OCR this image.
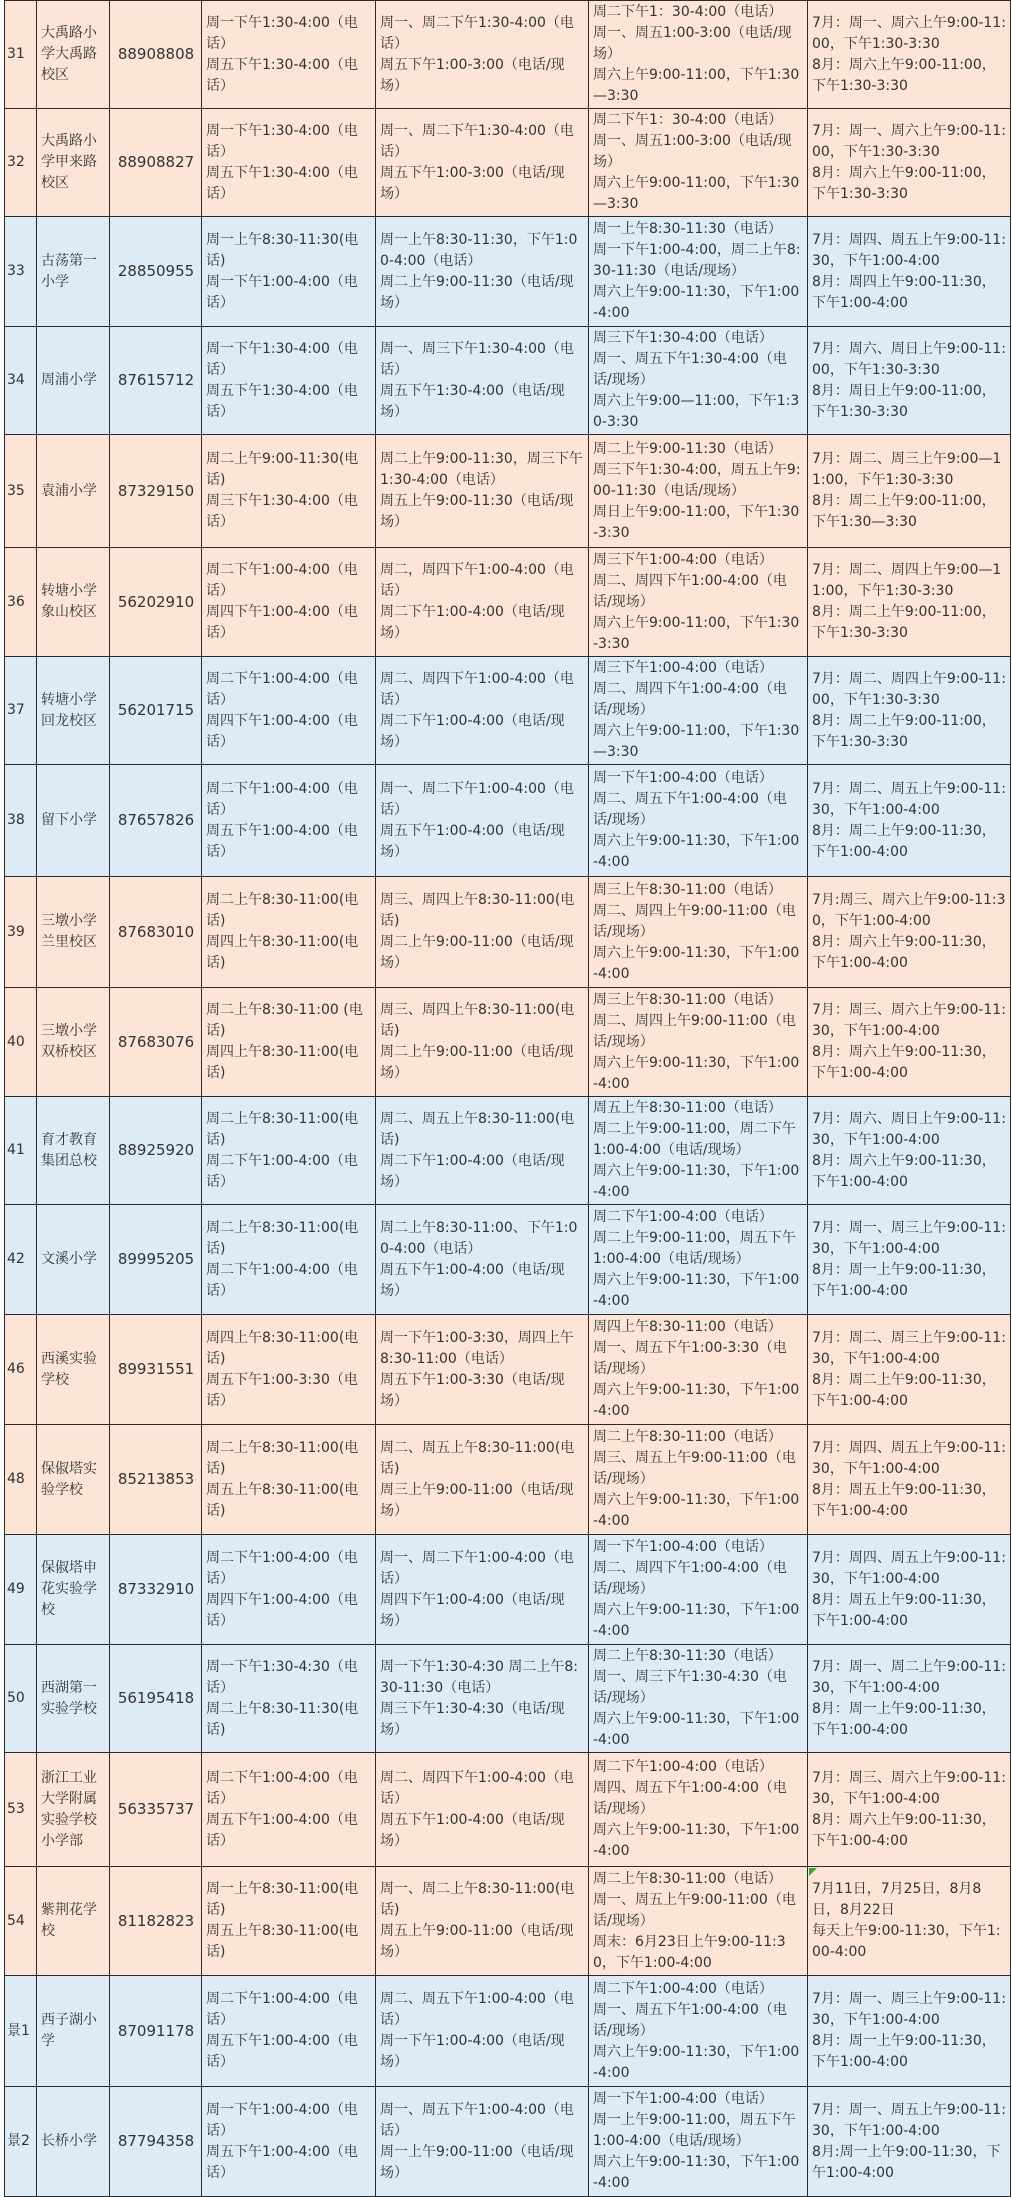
31	大禹路小学大禹路校区	88908808	
周一下午1:30-4:00（电话）
周五下午1:30-4:00（电话）

周一、周二下午1:30-4:00（电话）
周五下午1:00-3:00（电话/现场）

周二下午1：30-4:00（电话）
周一、周五1:00-3:00（电话/现场）
周六上午9:00-11:00，下午1:30—3:30

7月：周一、周六上午9:00-11:00，下午1:30-3:30
8月：周六上午9:00-11:00，下午1:30-3:30

32	大禹路小学甲来路校区	88908827	
周一下午1:30-4:00（电话）
周五下午1:30-4:00（电话）

周一、周二下午1:30-4:00（电话）
周五下午1:00-3:00（电话/现场）

周二下午1：30-4:00（电话）
周一、周五1:00-3:00（电话/现场）
周六上午9:00-11:00，下午1:30—3:30

7月：周一、周六上午9:00-11:00，下午1:30-3:30
8月：周六上午9:00-11:00，下午1:30-3:30

33	古荡第一小学	28850955	
周一上午8:30-11:30(电话)
周一下午1:00-4:00（电话）

周一上午8:30-11:30，下午1:00-4:00（电话）
周二上午9:00-11:30（电话/现场）

周一上午8:30-11:30（电话）
周一下午1:00-4:00，周二上午8:30-11:30（电话/现场）
周六上午9:00-11:30，下午1:00-4:00

7月：周四、周五上午9:00-11:30，下午1:00-4:00
8月：周四上午9:00-11:30，下午1:00-4:00

34	周浦小学	87615712	
周一下午1:30-4:00（电话）
周五下午1:30-4:00（电话）

周一、周三下午1:30-4:00（电话）
周五下午1:30-4:00（电话/现场）

周三下午1:30-4:00（电话）
周一、周五下午1:30-4:00（电话/现场）
周六上午9:00—11:00，下午1:30-3:30

7月：周六、周日上午9:00-11:00，下午1:30-3:30
8月：周日上午9:00-11:00，下午1:30-3:30

35	袁浦小学	87329150	
周二上午9:00-11:30(电话)
周三下午1:30-4:00（电话）

周二上午9:00-11:30，周三下午1:30-4:00（电话）
周五上午9:00-11:30（电话/现场）

周二上午9:00-11:30（电话）
周三下午1:30-4:00，周五上午9:00-11:30（电话/现场）
周日上午9:00-11:00，下午1:30-3:30

7月：周二、周三上午9:00—11:00，下午1:30-3:30
8月：周二上午9:00-11:00，下午1:30—3:30

36	转塘小学象山校区	56202910	
周二下午1:00-4:00（电话）
周四下午1:00-4:00（电话）

周二，周四下午1:00-4:00（电话）
周二下午1:00-4:00（电话/现场）

周三下午1:00-4:00（电话）
周二、周四下午1:00-4:00（电话/现场）
周六上午9:00-11:00，下午1:30-3:30

7月：周二、周四上午9:00—11:00，下午1:30-3:30
8月：周二上午9:00-11:00，下午1:30-3:30

37	转塘小学回龙校区	56201715	
周二下午1:00-4:00（电话）
周四下午1:00-4:00（电话）

周二、周四下午1:00-4:00（电话）
周二下午1:00-4:00（电话/现场）

周三下午1:00-4:00（电话）
周二、周四下午1:00-4:00（电话/现场）
周六上午9:00-11:00，下午1:30—3:30

7月：周二、周四上午9:00-11:00，下午1:30-3:30
8月：周二上午9:00-11:00，下午1:30-3:30

38	留下小学	87657826	
周二下午1:00-4:00（电话）
周五下午1:00-4:00（电话）

周一、周二下午1:00-4:00（电话）
周五下午1:00-4:00（电话/现场）

周一下午1:00-4:00（电话）
周二、周五下午1:00-4:00（电话/现场）
周六上午9:00-11:30，下午1:00-4:00

7月：周二、周五上午9:00-11:30，下午1:00-4:00
8月：周二上午9:00-11:30，下午1:00-4:00

39	三墩小学兰里校区	87683010	
周二上午8:30-11:00(电话)
周四上午8:30-11:00(电话)

周三、周四上午8:30-11:00(电话)
周二上午9:00-11:00（电话/现场）

周三上午8:30-11:00（电话）
周二、周四上午9:00-11:00（电话/现场）
周六上午9:00-11:30，下午1:00-4:00

7月:周三、周六上午9:00-11:30，下午1:00-4:00
8月：周六上午9:00-11:30，下午1:00-4:00

40	三墩小学双桥校区	87683076	
周二上午8:30-11:00 (电话)
周四上午8:30-11:00(电话)

周三、周四上午8:30-11:00(电话)
周二上午9:00-11:00（电话/现场）

周三上午8:30-11:00（电话）
周二、周四上午9:00-11:00（电话/现场）
周六上午9:00-11:30，下午1:00-4:00

7月：周三、周六上午9:00-11:30，下午1:00-4:00
8月：周六上午9:00-11:30，下午1:00-4:00

41	育才教育集团总校	88925920	
周二上午8:30-11:00(电话)
周二下午1:00-4:00（电话）

周二、周五上午8:30-11:00(电话)
周二下午1:00-4:00（电话/现场）

周五上午8:30-11:00（电话）
周二上午9:00-11:00，周二下午1:00-4:00（电话/现场）
周六上午9:00-11:30，下午1:00-4:00

7月：周六、周日上午9:00-11:30，下午1:00-4:00
8月：周六上午9:00-11:30，下午1:00-4:00

42	文溪小学	89995205	
周二上午8:30-11:00(电话)
周二下午1:00-4:00（电话）

周二上午8:30-11:00、下午1:00-4:00（电话）
周五下午1:00-4:00（电话/现场）

周二下午1:00-4:00（电话）
周二上午9:00-11:00，周五下午1:00-4:00（电话/现场）
周六上午9:00-11:30，下午1:00-4:00

7月：周一、周三上午9:00-11:30，下午1:00-4:00
8月：周一上午9:00-11:30，下午1:00-4:00

46	西溪实验学校	89931551	
周四上午8:30-11:00(电话)
周五下午1:00-3:30（电话）

周一下午1:00-3:30，周四上午8:30-11:00（电话）
周五下午1:00-3:30（电话/现场）

周四上午8:30-11:00（电话）
周一、周五下午1:00-3:30（电话/现场）
周六上午9:00-11:30，下午1:00-4:00

7月：周二、周三上午9:00-11:30，下午1:00-4:00
8月：周二上午9:00-11:30，下午1:00-4:00

48	保俶塔实验学校	85213853	
周二上午8:30-11:00(电话)
周五上午8:30-11:00(电话)

周二、周五上午8:30-11:00(电话)
周三上午9:00-11:00（电话/现场）

周二上午8:30-11:00（电话）
周三、周五上午9:00-11:00（电话/现场）
周六上午9:00-11:30，下午1:00-4:00

7月：周四、周五上午9:00-11:30，下午1:00-4:00
8月：周五上午9:00-11:30，下午1:00-4:00

49	保俶塔申花实验学校	87332910	
周二下午1:00-4:00（电话）
周四下午1:00-4:00（电话）

周一、周二下午1:00-4:00（电话）
周四下午1:00-4:00（电话/现场）

周一下午1:00-4:00（电话）
周二、周四下午1:00-4:00（电话/现场）
周六上午9:00-11:30，下午1:00-4:00

7月：周四、周五上午9:00-11:30，下午1:00-4:00
8月：周五上午9:00-11:30，下午1:00-4:00

50	西湖第一实验学校	56195418	
周一下午1:30-4:30（电话）
周二上午8:30-11:30(电话)

周一下午1:30-4:30 周二上午8:30-11:30（电话）
周三下午1:30-4:30（电话/现场）

周二上午8:30-11:30（电话）
周一、周三下午1:30-4:30（电话/现场）
周六上午9:00-11:30，下午1:00-4:00

7月：周一、周二上午9:00-11:30，下午1:00-4:00
8月：周一上午9:00-11:30，下午1:00-4:00

53	浙江工业大学附属实验学校小学部	56335737	
周二下午1:00-4:00（电话）
周五下午1:00-4:00（电话）

周二、周四下午1:00-4:00（电话）
周五下午1:00-4:00（电话/现场）

周二下午1:00-4:00（电话）
周四、周五下午1:00-4:00（电话/现场）
周六上午9:00-11:30，下午1:00-4:00

7月：周三、周六上午9:00-11:30，下午1:00-4:00
8月：周六上午9:00-11:30，下午1:00-4:00

54	紫荆花学校	81182823	
周一上午8:30-11:00(电话)
周五上午8:30-11:00(电话)

周一、周二上午8:30-11:00(电话)
周五上午9:00-11:00（电话/现场）

周二上午8:30-11:00（电话）
周一、周五上午9:00-11:00（电话/现场）
周末：6月23日上午9:00-11:30，下午1:00-4:00

7月11日，7月25日，8月8日，8月22日
每天上午9:00-11:30，下午1:00-4:00

景1	西子湖小学	87091178	
周二下午1:00-4:00（电话）
周五下午1:00-4:00（电话）

周二、周五下午1:00-4:00（电话）
周一下午1:00-4:00（电话/现场）

周二下午1:00-4:00（电话）
周一、周五下午1:00-4:00（电话/现场）
周六上午9:00-11:30，下午1:00-4:00

7月：周一、周三上午9:00-11:30，下午1:00-4:00
8月：周一上午9:00-11:30，下午1:00-4:00

景2	长桥小学	87794358	
周一下午1:00-4:00（电话）
周五下午1:00-4:00（电话）

周一、周五下午1:00-4:00（电话）
周一上午9:00-11:00（电话/现场）

周一下午1:00-4:00（电话）
周一上午9:00-11:00，周五下午1:00-4:00（电话/现场）
周六上午9:00-11:30，下午1:00-4:00

7月：周一、周五上午9:00-11:30，下午1:00-4:00
8月:周一上午9:00-11:30，下午1:00-4:00
